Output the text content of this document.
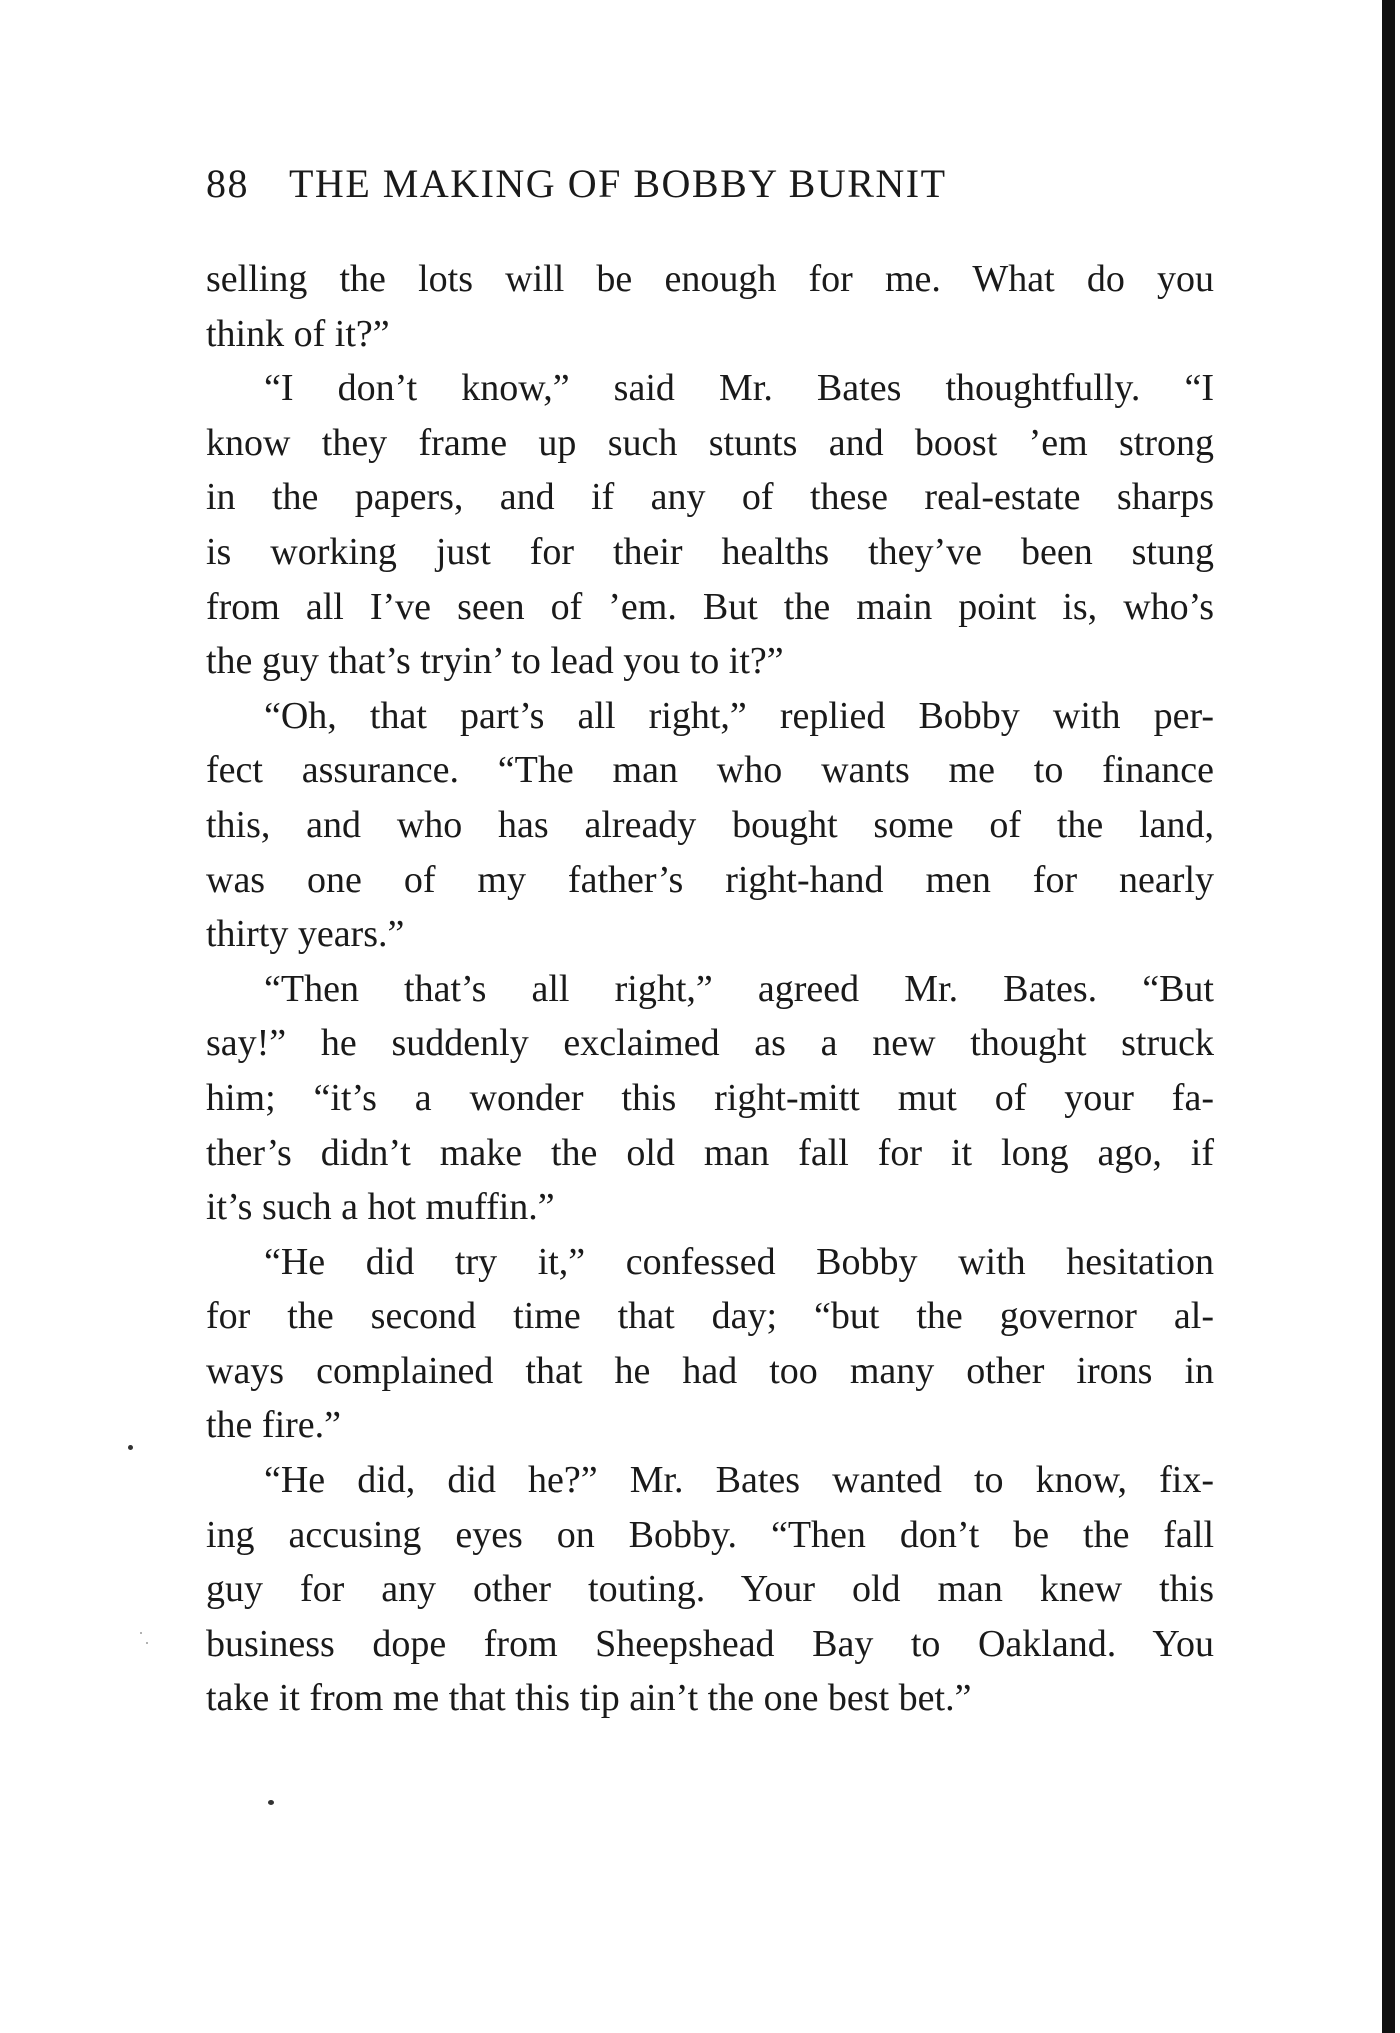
88 THE MAKING OF BOBBY BURNIT
selling the lots will be enough for me. What do you
think of it?”
“I don’t know,” said Mr. Bates thoughtfully. “I
know they frame up such stunts and boost ’em strong
in the papers, and if any of these real-estate sharps
is working just for their healths they’ve been stung
from all I’ve seen of ’em. But the main point is, who’s
the guy that’s tryin’ to lead you to it?”
“Oh, that part’s all right,” replied Bobby with per-
fect assurance. “The man who wants me to finance
this, and who has already bought some of the land,
was one of my father’s right-hand men for nearly
thirty years.”
“Then that’s all right,” agreed Mr. Bates. “But
say!” he suddenly exclaimed as a new thought struck
him; “it’s a wonder this right-mitt mut of your fa-
ther’s didn’t make the old man fall for it long ago, if
it’s such a hot muffin.”
“He did try it,” confessed Bobby with hesitation
for the second time that day; “but the governor al-
ways complained that he had too many other irons in
the fire.”
“He did, did he?” Mr. Bates wanted to know, fix-
ing accusing eyes on Bobby. “Then don’t be the fall
guy for any other touting. Your old man knew this
business dope from Sheepshead Bay to Oakland. You
take it from me that this tip ain’t the one best bet.”
